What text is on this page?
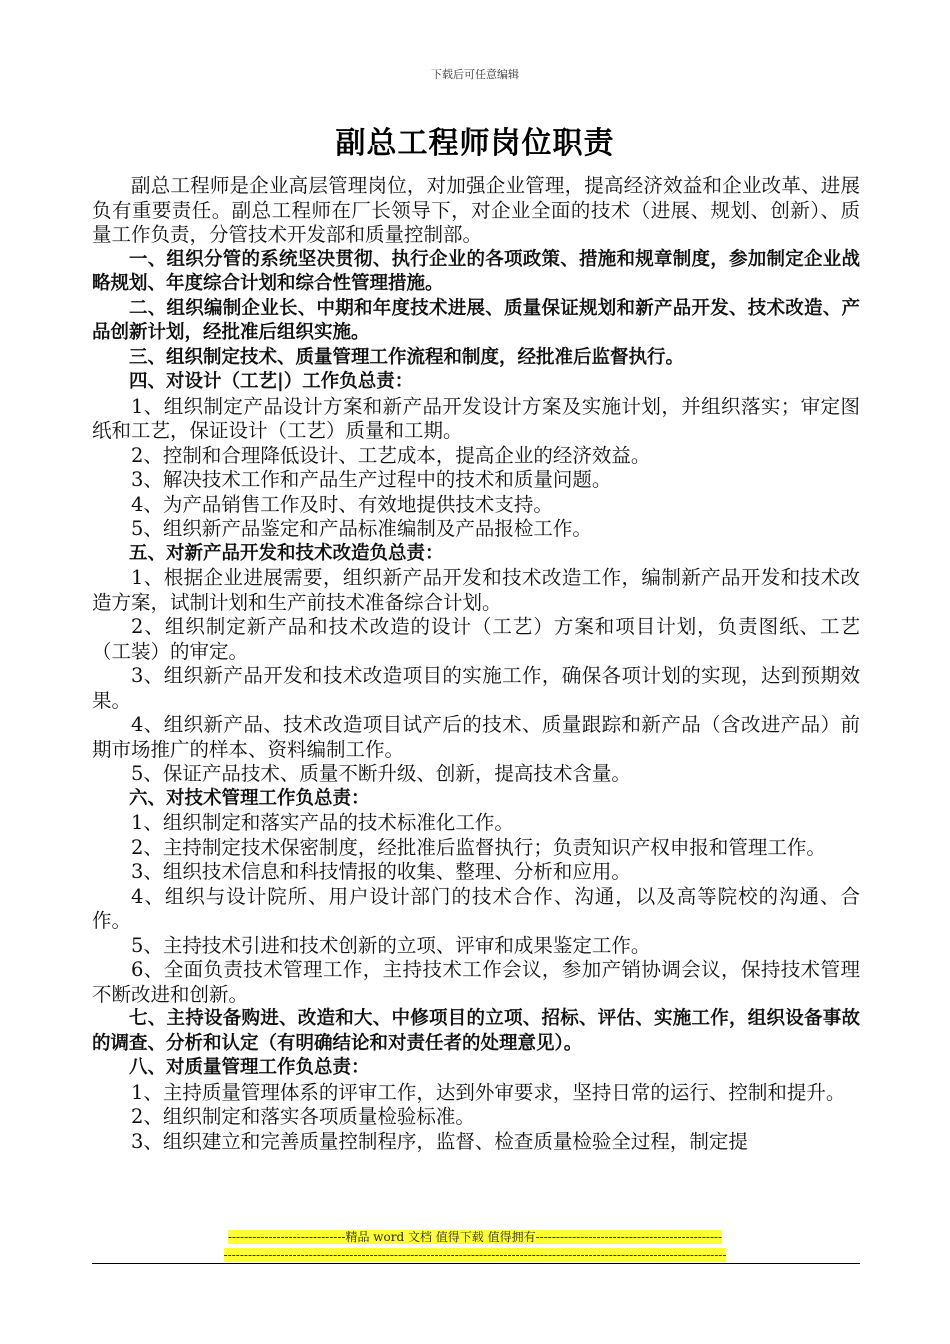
下载后可任意编辑
副总工程师岗位职责

副总工程师是企业高层管理岗位，对加强企业管理，提高经济效益和企业改革、进展负有重要责任。副总工程师在厂长领导下，对企业全面的技术（进展、规划、创新）、质量工作负责，分管技术开发部和质量控制部。

一、组织分管的系统坚决贯彻、执行企业的各项政策、措施和规章制度，参加制定企业战略规划、年度综合计划和综合性管理措施。

二、组织编制企业长、中期和年度技术进展、质量保证规划和新产品开发、技术改造、产品创新计划，经批准后组织实施。

三、组织制定技术、质量管理工作流程和制度，经批准后监督执行。

四、对设计（工艺|）工作负总责：

1、组织制定产品设计方案和新产品开发设计方案及实施计划，并组织落实；审定图纸和工艺，保证设计（工艺）质量和工期。

2、控制和合理降低设计、工艺成本，提高企业的经济效益。

3、解决技术工作和产品生产过程中的技术和质量问题。

4、为产品销售工作及时、有效地提供技术支持。

5、组织新产品鉴定和产品标准编制及产品报检工作。

五、对新产品开发和技术改造负总责：

1、根据企业进展需要，组织新产品开发和技术改造工作，编制新产品开发和技术改造方案，试制计划和生产前技术准备综合计划。

2、组织制定新产品和技术改造的设计（工艺）方案和项目计划，负责图纸、工艺（工装）的审定。

3、组织新产品开发和技术改造项目的实施工作，确保各项计划的实现，达到预期效果。

4、组织新产品、技术改造项目试产后的技术、质量跟踪和新产品（含改进产品）前期市场推广的样本、资料编制工作。

5、保证产品技术、质量不断升级、创新，提高技术含量。

六、对技术管理工作负总责：

1、组织制定和落实产品的技术标准化工作。

2、主持制定技术保密制度，经批准后监督执行；负责知识产权申报和管理工作。

3、组织技术信息和科技情报的收集、整理、分析和应用。

4、组织与设计院所、用户设计部门的技术合作、沟通，以及高等院校的沟通、合作。

5、主持技术引进和技术创新的立项、评审和成果鉴定工作。

6、全面负责技术管理工作，主持技术工作会议，参加产销协调会议，保持技术管理不断改进和创新。

七、主持设备购进、改造和大、中修项目的立项、招标、评估、实施工作，组织设备事故的调查、分析和认定（有明确结论和对责任者的处理意见）。

八、对质量管理工作负总责：

1、主持质量管理体系的评审工作，达到外审要求，坚持日常的运行、控制和提升。

2、组织制定和落实各项质量检验标准。

3、组织建立和完善质量控制程序，监督、检查质量检验全过程，制定提

-----------------------------精品 word 文档 值得下载 值得拥有----------------------------------------------
----------------------------------------------------------------------------------------------------------------------------
